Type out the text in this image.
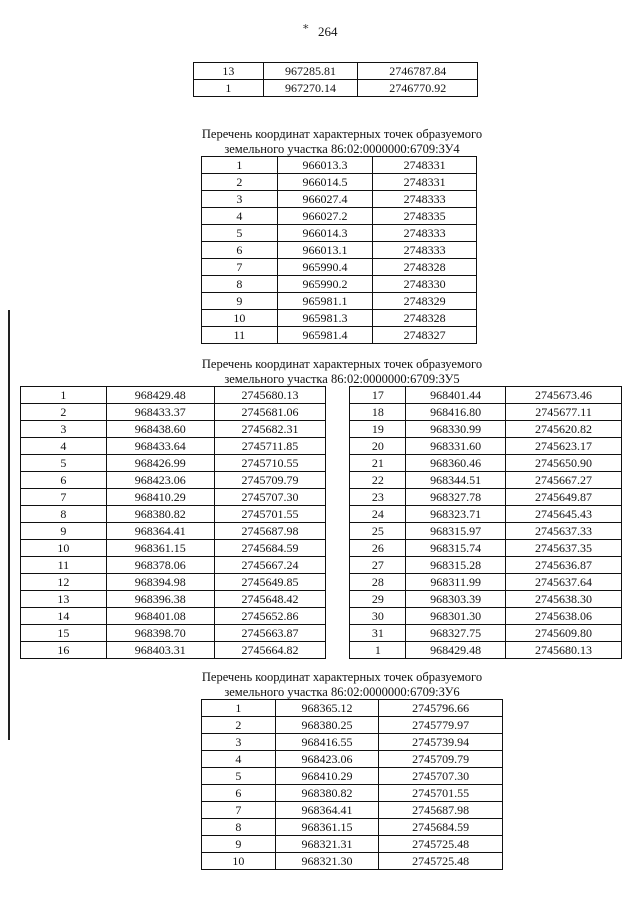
∗ 264
13	967285.81	2746787.84
1	967270.14	2746770.92
Перечень координат характерных точек образуемого
земельного участка 86:02:0000000:6709:ЗУ4
1	966013.3	2748331
2	966014.5	2748331
3	966027.4	2748333
4	966027.2	2748335
5	966014.3	2748333
6	966013.1	2748333
7	965990.4	2748328
8	965990.2	2748330
9	965981.1	2748329
10	965981.3	2748328
11	965981.4	2748327
Перечень координат характерных точек образуемого
земельного участка 86:02:0000000:6709:ЗУ5
1	968429.48	2745680.13		17	968401.44	2745673.46
2	968433.37	2745681.06		18	968416.80	2745677.11
3	968438.60	2745682.31		19	968330.99	2745620.82
4	968433.64	2745711.85		20	968331.60	2745623.17
5	968426.99	2745710.55		21	968360.46	2745650.90
6	968423.06	2745709.79		22	968344.51	2745667.27
7	968410.29	2745707.30		23	968327.78	2745649.87
8	968380.82	2745701.55		24	968323.71	2745645.43
9	968364.41	2745687.98		25	968315.97	2745637.33
10	968361.15	2745684.59		26	968315.74	2745637.35
11	968378.06	2745667.24		27	968315.28	2745636.87
12	968394.98	2745649.85		28	968311.99	2745637.64
13	968396.38	2745648.42		29	968303.39	2745638.30
14	968401.08	2745652.86		30	968301.30	2745638.06
15	968398.70	2745663.87		31	968327.75	2745609.80
16	968403.31	2745664.82		1	968429.48	2745680.13
Перечень координат характерных точек образуемого
земельного участка 86:02:0000000:6709:ЗУ6
1	968365.12	2745796.66
2	968380.25	2745779.97
3	968416.55	2745739.94
4	968423.06	2745709.79
5	968410.29	2745707.30
6	968380.82	2745701.55
7	968364.41	2745687.98
8	968361.15	2745684.59
9	968321.31	2745725.48
10	968321.30	2745725.48
